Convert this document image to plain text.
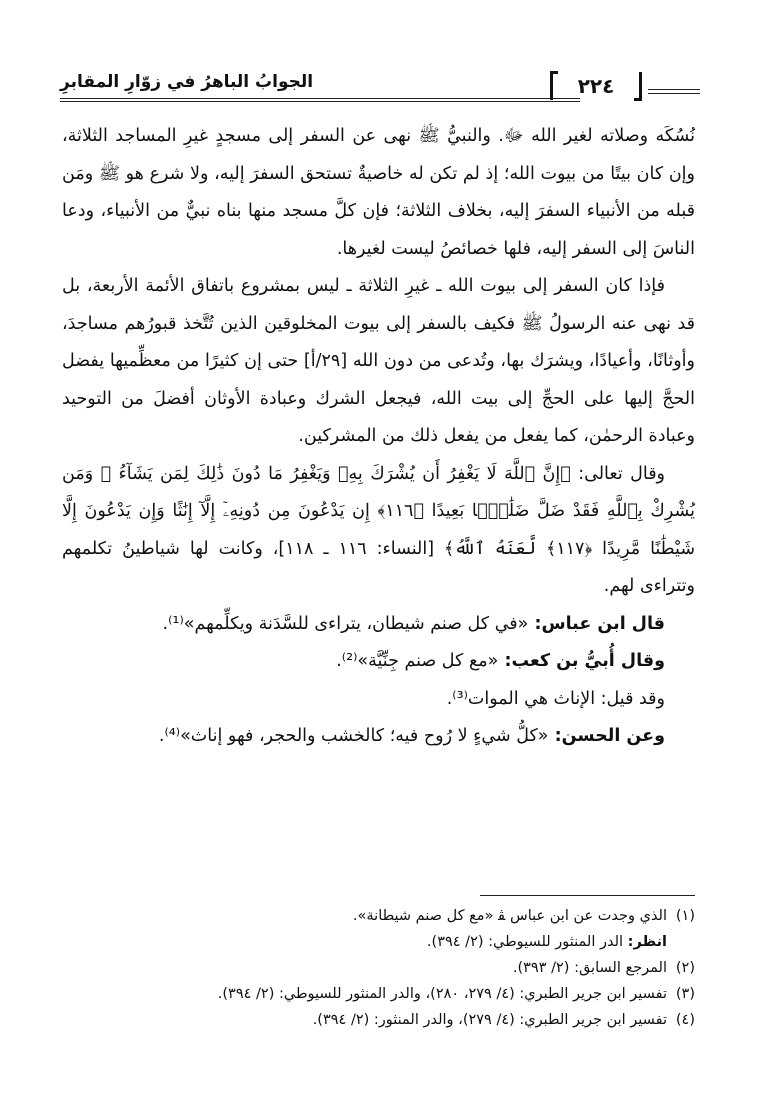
الجوابُ الباهرُ في زوّارِ المقابرِ	٢٢٤

نُسُكَه وصلاته لغير الله ﷻ. والنبيُّ ﷺ نهى عن السفر إلى مسجدٍ غيرِ المساجد الثلاثة، وإن كان بيتًا من بيوت الله؛ إذ لم تكن له خاصيةٌ تستحق السفرَ إليه، ولا شرع هو ﷺ ومَن قبله من الأنبياء السفرَ إليه، بخلاف الثلاثة؛ فإن كلَّ مسجد منها بناه نبيٌّ من الأنبياء، ودعا الناسَ إلى السفر إليه، فلها خصائصُ ليست لغيرها.

فإذا كان السفر إلى بيوت الله ـ غيرِ الثلاثة ـ ليس بمشروع باتفاق الأئمة الأربعة، بل قد نهى عنه الرسولُ ﷺ فكيف بالسفر إلى بيوت المخلوقين الذين تُتَّخذ قبورُهم مساجدَ، وأوثانًا، وأعيادًا، ويشرَك بها، وتُدعى من دون الله [٢٩/أ] حتى إن كثيرًا من معظِّميها يفضل الحجَّ إليها على الحجِّ إلى بيت الله، فيجعل الشرك وعبادة الأوثان أفضلَ من التوحيد وعبادة الرحمٰن، كما يفعل من يفعل ذلك من المشركين.

وقال تعالى: ﴿إِنَّ ٱللَّهَ لَا يَغْفِرُ أَن يُشْرَكَ بِهِۦ وَيَغْفِرُ مَا دُونَ ذَٰلِكَ لِمَن يَشَآءُ ۚ وَمَن يُشْرِكْ بِٱللَّهِ فَقَدْ ضَلَّ ضَلَٰلًۢا بَعِيدًا ﴿١١٦﴾ إِن يَدْعُونَ مِن دُونِهِۦٓ إِلَّآ إِنَٰثًا وَإِن يَدْعُونَ إِلَّا شَيْطَٰنًا مَّرِيدًا ﴿١١٧﴾ لَّعَنَهُ ٱللَّهُ﴾ [النساء: ١١٦ ـ ١١٨]، وكانت لها شياطينُ تكلمهم وتتراءى لهم.

قال ابن عباس: «في كل صنم شيطان، يتراءى للسَّدَنة ويكلِّمهم»⁽¹⁾.

وقال أُبيُّ بن كعب: «مع كل صنم جِنِّيَّة»⁽²⁾.

وقد قيل: الإناث هي الموات⁽³⁾.

وعن الحسن: «كلُّ شيءٍ لا رُوح فيه؛ كالخشب والحجر، فهو إناث»⁽⁴⁾.

(١)الذي وجدت عن ابن عباس ﭭ «مع كل صنم شيطانة».

انظر: الدر المنثور للسيوطي: (٢/ ٣٩٤).

(٢)المرجع السابق: (٢/ ٣٩٣).

(٣)تفسير ابن جرير الطبري: (٤/ ٢٧٩، ٢٨٠)، والدر المنثور للسيوطي: (٢/ ٣٩٤).

(٤)تفسير ابن جرير الطبري: (٤/ ٢٧٩)، والدر المنثور: (٢/ ٣٩٤).
